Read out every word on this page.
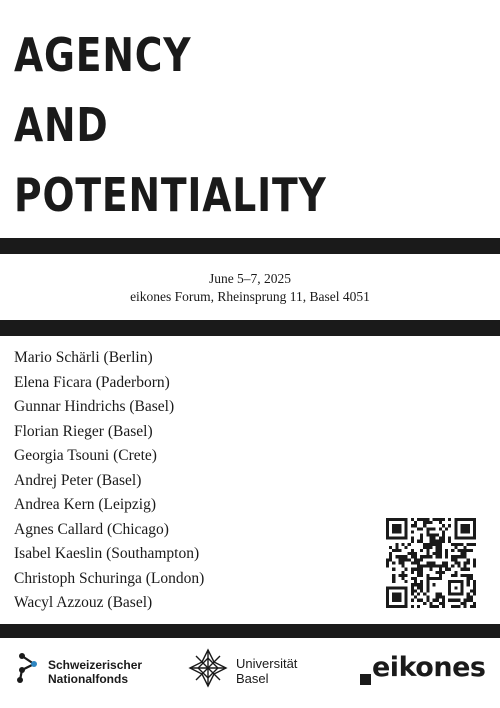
AGENCY
AND
POTENTIALITY
June 5–7, 2025
eikones Forum, Rheinsprung 11, Basel 4051
Mario Schärli (Berlin)
Elena Ficara (Paderborn)
Gunnar Hindrichs (Basel)
Florian Rieger (Basel)
Georgia Tsouni (Crete)
Andrej Peter (Basel)
Andrea Kern (Leipzig)
Agnes Callard (Chicago)
Isabel Kaeslin (Southampton)
Christoph Schuringa (London)
Wacyl Azzouz (Basel)
Schweizerischer
Nationalfonds
Universität
Basel	eikones
